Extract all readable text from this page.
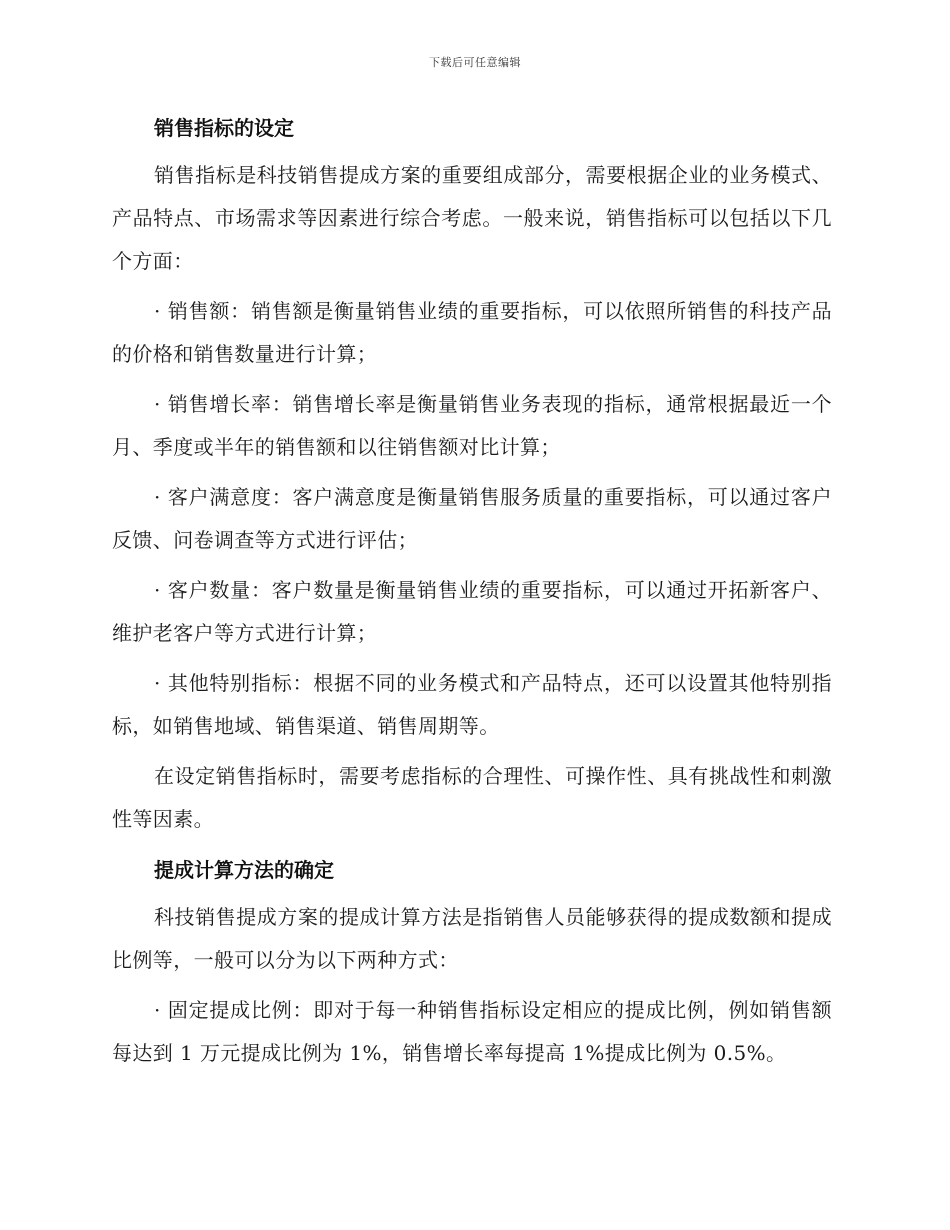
下载后可任意编辑
销售指标的设定

销售指标是科技销售提成方案的重要组成部分，需要根据企业的业务模式、产品特点、市场需求等因素进行综合考虑。一般来说，销售指标可以包括以下几个方面：

· 销售额：销售额是衡量销售业绩的重要指标，可以依照所销售的科技产品的价格和销售数量进行计算；

· 销售增长率：销售增长率是衡量销售业务表现的指标，通常根据最近一个月、季度或半年的销售额和以往销售额对比计算；

· 客户满意度：客户满意度是衡量销售服务质量的重要指标，可以通过客户反馈、问卷调查等方式进行评估；

· 客户数量：客户数量是衡量销售业绩的重要指标，可以通过开拓新客户、维护老客户等方式进行计算；

· 其他特别指标：根据不同的业务模式和产品特点，还可以设置其他特别指标，如销售地域、销售渠道、销售周期等。

在设定销售指标时，需要考虑指标的合理性、可操作性、具有挑战性和刺激性等因素。

提成计算方法的确定

科技销售提成方案的提成计算方法是指销售人员能够获得的提成数额和提成比例等，一般可以分为以下两种方式：

· 固定提成比例：即对于每一种销售指标设定相应的提成比例，例如销售额每达到 1 万元提成比例为 1%，销售增长率每提高 1%提成比例为 0.5%。
